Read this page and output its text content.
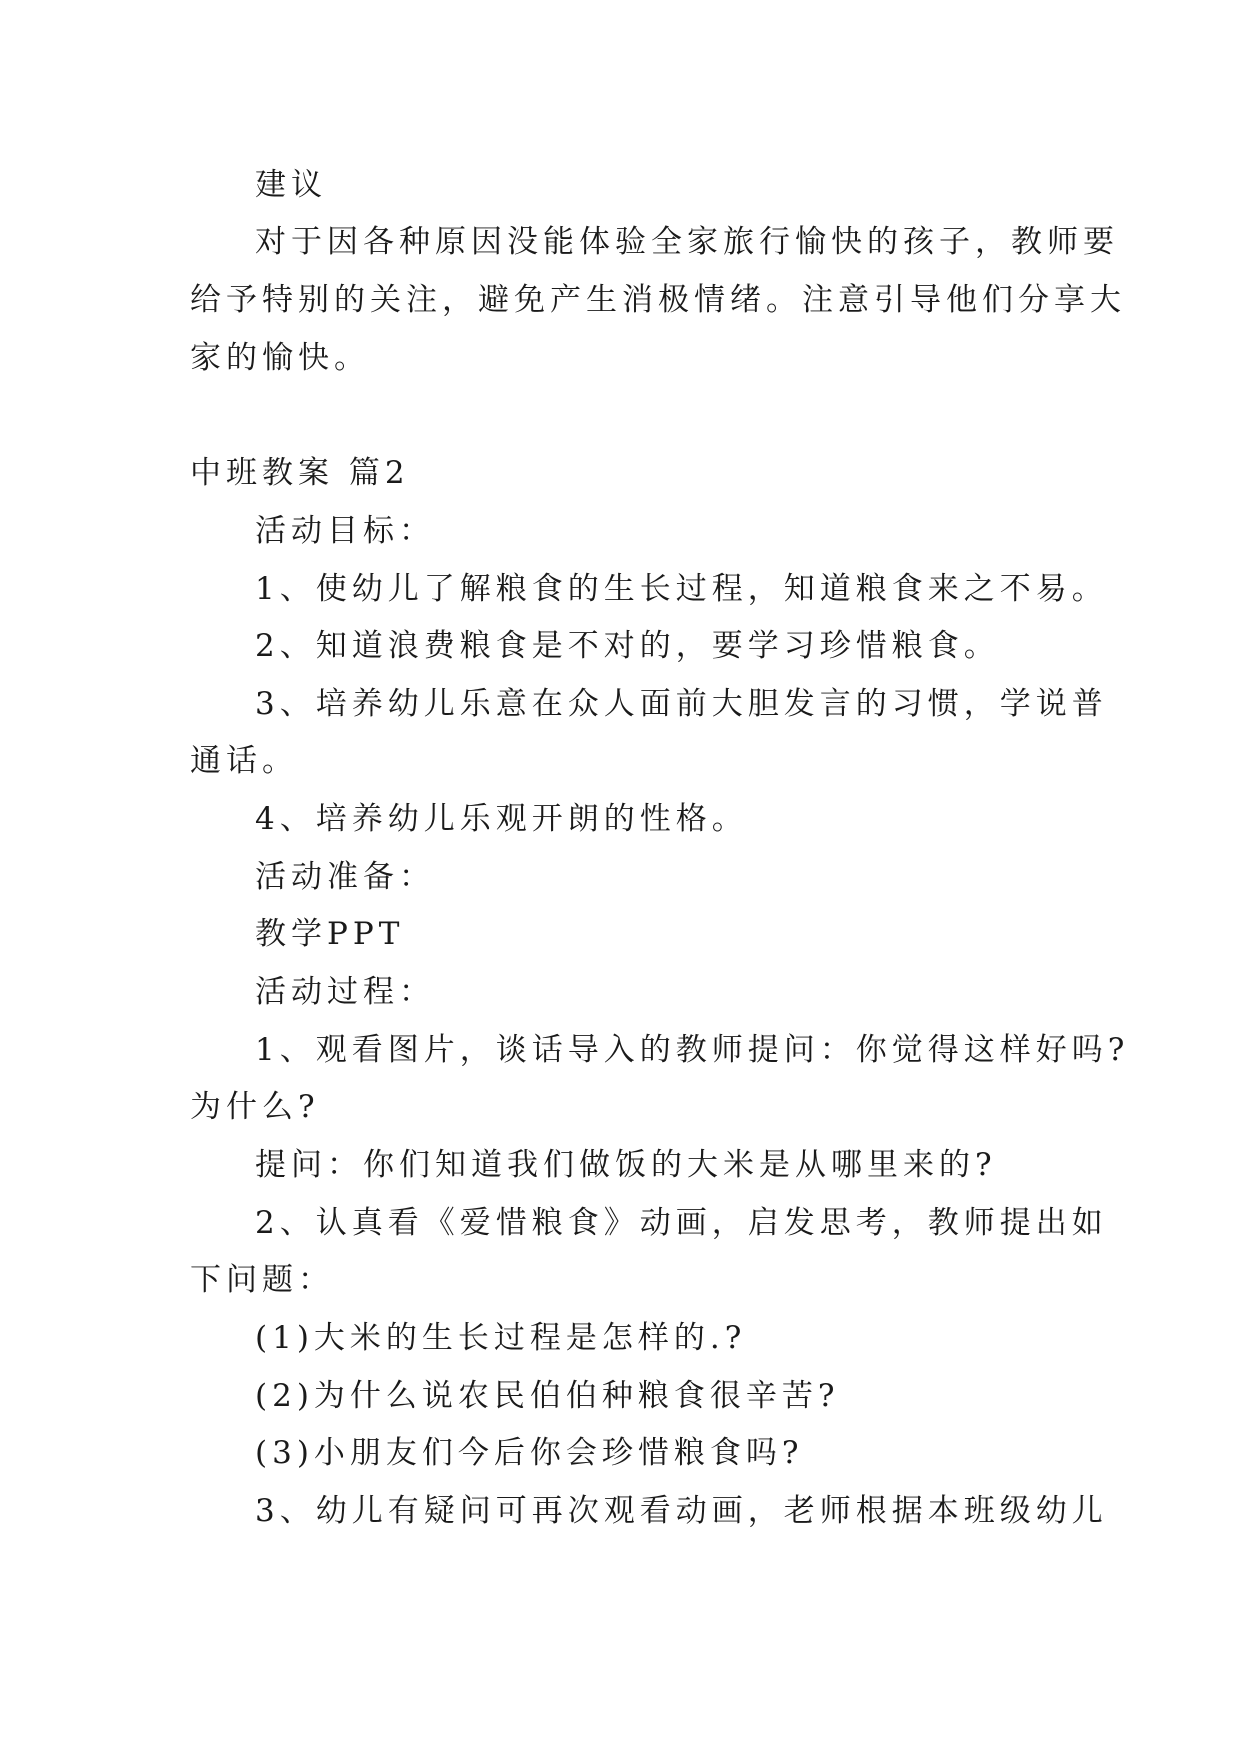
建议
对于因各种原因没能体验全家旅行愉快的孩子，教师要
给予特别的关注，避免产生消极情绪。注意引导他们分享大
家的愉快。
中班教案 篇2
活动目标：
1、使幼儿了解粮食的生长过程，知道粮食来之不易。
2、知道浪费粮食是不对的，要学习珍惜粮食。
3、培养幼儿乐意在众人面前大胆发言的习惯，学说普
通话。
4、培养幼儿乐观开朗的性格。
活动准备：
教学PPT
活动过程：
1、观看图片，谈话导入的教师提问：你觉得这样好吗?
为什么?
提问：你们知道我们做饭的大米是从哪里来的?
2、认真看《爱惜粮食》动画，启发思考，教师提出如
下问题：
(1)大米的生长过程是怎样的.?
(2)为什么说农民伯伯种粮食很辛苦?
(3)小朋友们今后你会珍惜粮食吗?
3、幼儿有疑问可再次观看动画，老师根据本班级幼儿
